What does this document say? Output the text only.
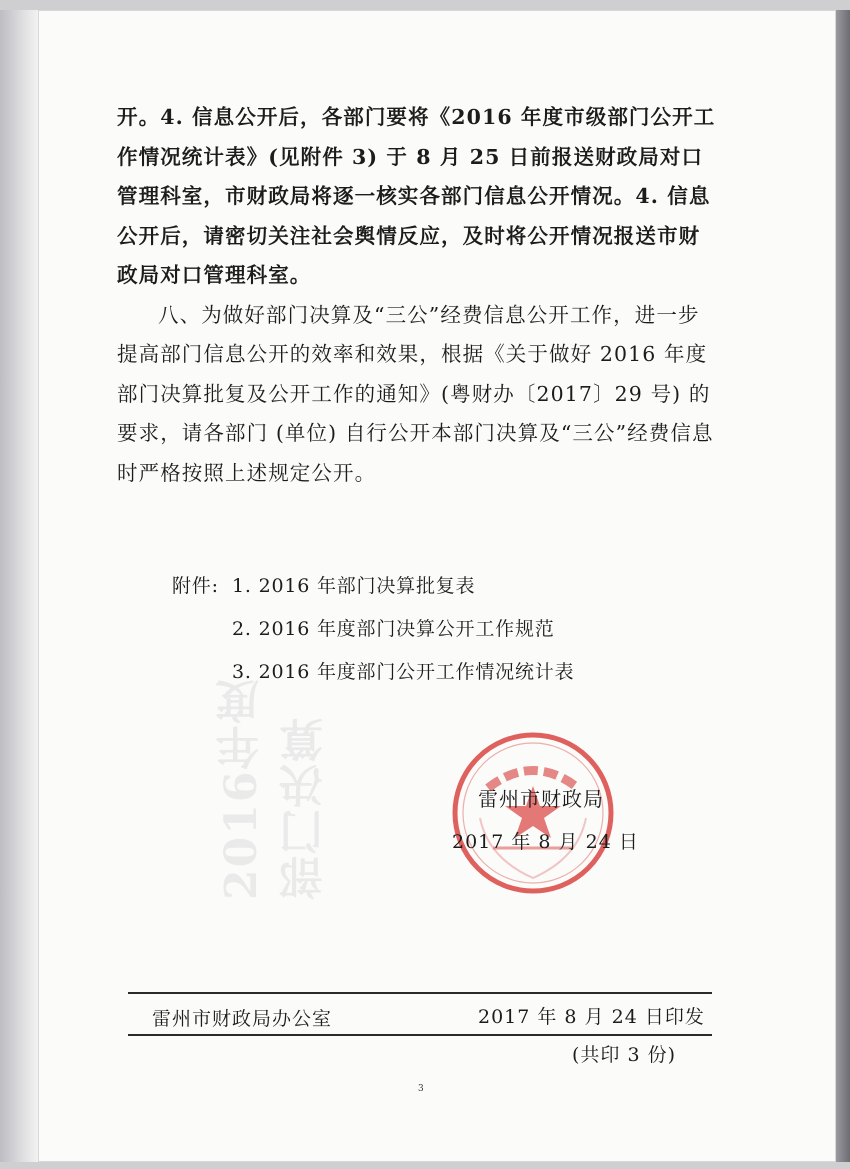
开。4. 信息公开后，各部门要将《2016 年度市级部门公开工作情况统计表》(见附件 3) 于 8 月 25 日前报送财政局对口管理科室，市财政局将逐一核实各部门信息公开情况。4. 信息公开后，请密切关注社会舆情反应，及时将公开情况报送市财政局对口管理科室。

八、为做好部门决算及“三公”经费信息公开工作，进一步提高部门信息公开的效率和效果，根据《关于做好 2016 年度部门决算批复及公开工作的通知》(粤财办〔2017〕29 号) 的要求，请各部门 (单位) 自行公开本部门决算及“三公”经费信息时严格按照上述规定公开。

附件: 1. 2016 年部门决算批复表
2. 2016 年度部门决算公开工作规范
3. 2016 年度部门公开工作情况统计表
雷州市财政局
2017 年 8 月 24 日
雷州市财政局办公室	2017 年 8 月 24 日印发
(共印 3 份)
3
